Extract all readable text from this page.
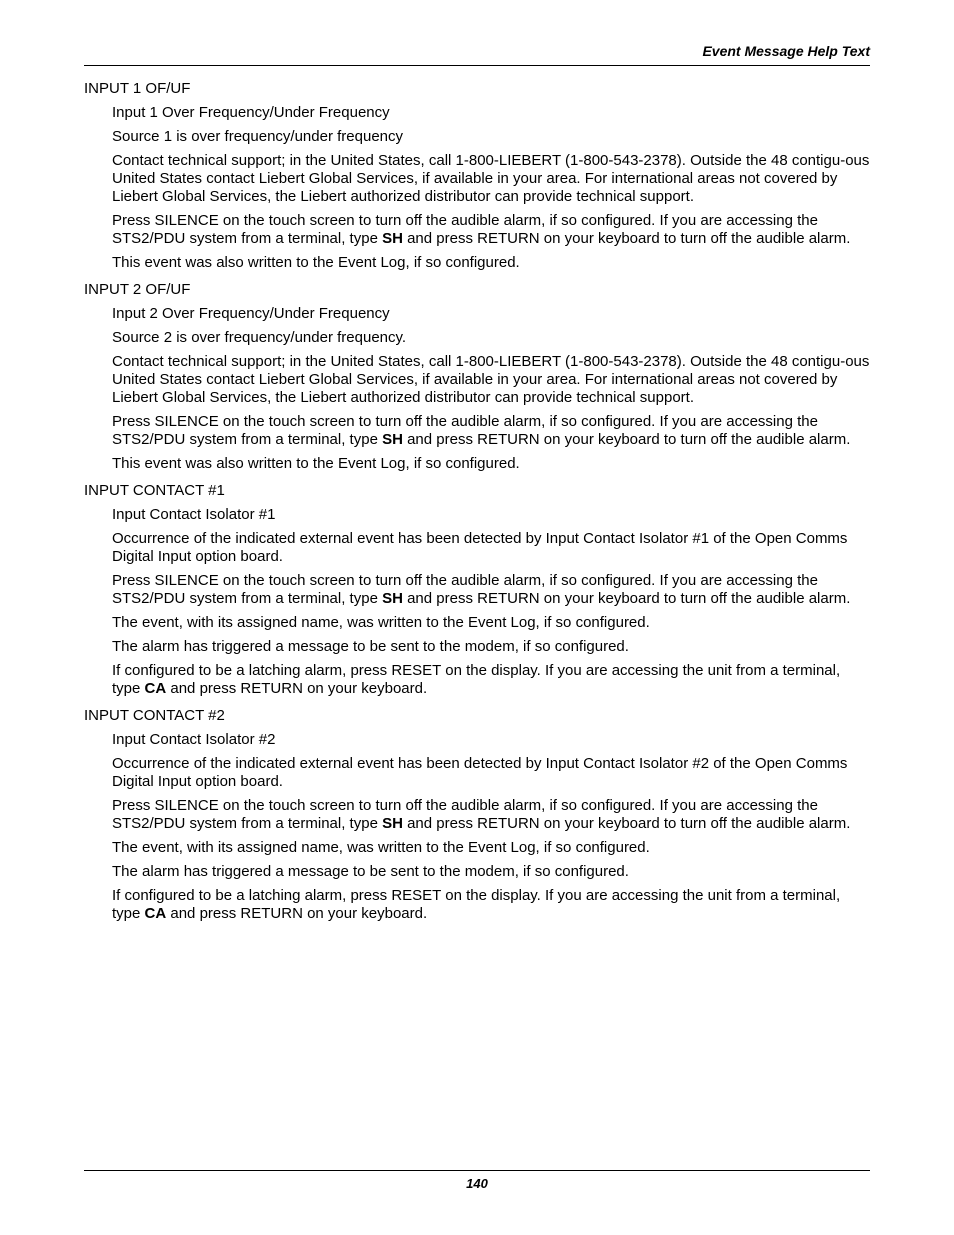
Event Message Help Text
INPUT 1 OF/UF

Input 1 Over Frequency/Under Frequency

Source 1 is over frequency/under frequency

Contact technical support; in the United States, call 1-800-LIEBERT (1-800-543-2378). Outside the 48 contigu-ous United States contact Liebert Global Services, if available in your area. For international areas not covered by Liebert Global Services, the Liebert authorized distributor can provide technical support.

Press SILENCE on the touch screen to turn off the audible alarm, if so configured. If you are accessing the STS2/PDU system from a terminal, type SH and press RETURN on your keyboard to turn off the audible alarm.

This event was also written to the Event Log, if so configured.

INPUT 2 OF/UF

Input 2 Over Frequency/Under Frequency

Source 2 is over frequency/under frequency.

Contact technical support; in the United States, call 1-800-LIEBERT (1-800-543-2378). Outside the 48 contigu-ous United States contact Liebert Global Services, if available in your area. For international areas not covered by Liebert Global Services, the Liebert authorized distributor can provide technical support.

Press SILENCE on the touch screen to turn off the audible alarm, if so configured. If you are accessing the STS2/PDU system from a terminal, type SH and press RETURN on your keyboard to turn off the audible alarm.

This event was also written to the Event Log, if so configured.

INPUT CONTACT #1

Input Contact Isolator #1

Occurrence of the indicated external event has been detected by Input Contact Isolator #1 of the Open Comms Digital Input option board.

Press SILENCE on the touch screen to turn off the audible alarm, if so configured. If you are accessing the STS2/PDU system from a terminal, type SH and press RETURN on your keyboard to turn off the audible alarm.

The event, with its assigned name, was written to the Event Log, if so configured.

The alarm has triggered a message to be sent to the modem, if so configured.

If configured to be a latching alarm, press RESET on the display. If you are accessing the unit from a terminal, type CA and press RETURN on your keyboard.

INPUT CONTACT #2

Input Contact Isolator #2

Occurrence of the indicated external event has been detected by Input Contact Isolator #2 of the Open Comms Digital Input option board.

Press SILENCE on the touch screen to turn off the audible alarm, if so configured. If you are accessing the STS2/PDU system from a terminal, type SH and press RETURN on your keyboard to turn off the audible alarm.

The event, with its assigned name, was written to the Event Log, if so configured.

The alarm has triggered a message to be sent to the modem, if so configured.

If configured to be a latching alarm, press RESET on the display. If you are accessing the unit from a terminal, type CA and press RETURN on your keyboard.

140
